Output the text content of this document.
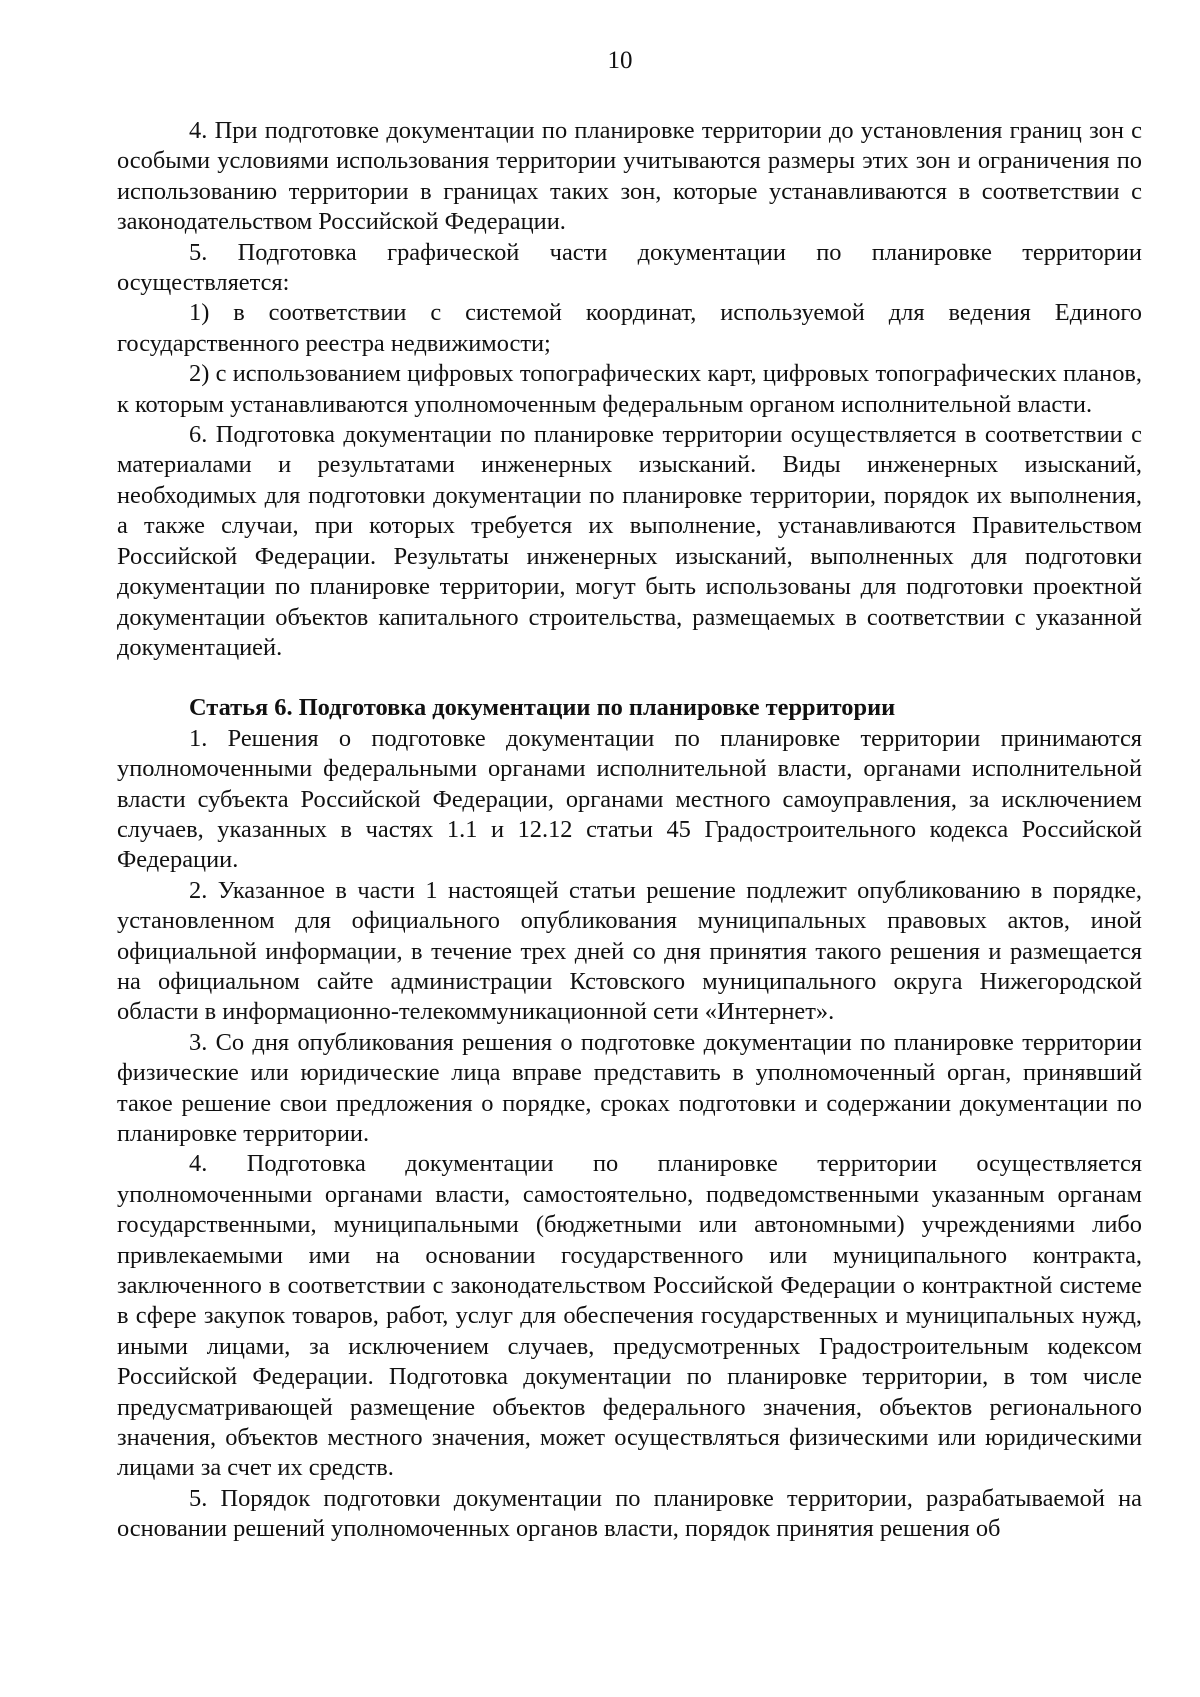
10

4. При подготовке документации по планировке территории до установления границ зон с особыми условиями использования территории учитываются размеры этих зон и ограничения по использованию территории в границах таких зон, которые устанавливаются в соответствии с законодательством Российской Федерации.

5. Подготовка графической части документации по планировке территории осуществляется:

1) в соответствии с системой координат, используемой для ведения Единого государственного реестра недвижимости;

2) с использованием цифровых топографических карт, цифровых топографических планов, к которым устанавливаются уполномоченным федеральным органом исполнительной власти.

6. Подготовка документации по планировке территории осуществляется в соответствии с материалами и результатами инженерных изысканий. Виды инженерных изысканий, необходимых для подготовки документации по планировке территории, порядок их выполнения, а также случаи, при которых требуется их выполнение, устанавливаются Правительством Российской Федерации. Результаты инженерных изысканий, выполненных для подготовки документации по планировке территории, могут быть использованы для подготовки проектной документации объектов капитального строительства, размещаемых в соответствии с указанной документацией.

Статья 6. Подготовка документации по планировке территории

1. Решения о подготовке документации по планировке территории принимаются уполномоченными федеральными органами исполнительной власти, органами исполнительной власти субъекта Российской Федерации, органами местного самоуправления, за исключением случаев, указанных в частях 1.1 и 12.12 статьи 45 Градостроительного кодекса Российской Федерации.

2. Указанное в части 1 настоящей статьи решение подлежит опубликованию в порядке, установленном для официального опубликования муниципальных правовых актов, иной официальной информации, в течение трех дней со дня принятия такого решения и размещается на официальном сайте администрации Кстовского муниципального округа Нижегородской области в информационно-телекоммуникационной сети «Интернет».

3. Со дня опубликования решения о подготовке документации по планировке территории физические или юридические лица вправе представить в уполномоченный орган, принявший такое решение свои предложения о порядке, сроках подготовки и содержании документации по планировке территории.

4. Подготовка документации по планировке территории осуществляется уполномоченными органами власти, самостоятельно, подведомственными указанным органам государственными, муниципальными (бюджетными или автономными) учреждениями либо привлекаемыми ими на основании государственного или муниципального контракта, заключенного в соответствии с законодательством Российской Федерации о контрактной системе в сфере закупок товаров, работ, услуг для обеспечения государственных и муниципальных нужд, иными лицами, за исключением случаев, предусмотренных Градостроительным кодексом Российской Федерации. Подготовка документации по планировке территории, в том числе предусматривающей размещение объектов федерального значения, объектов регионального значения, объектов местного значения, может осуществляться физическими или юридическими лицами за счет их средств.

5. Порядок подготовки документации по планировке территории, разрабатываемой на основании решений уполномоченных органов власти, порядок принятия решения об
